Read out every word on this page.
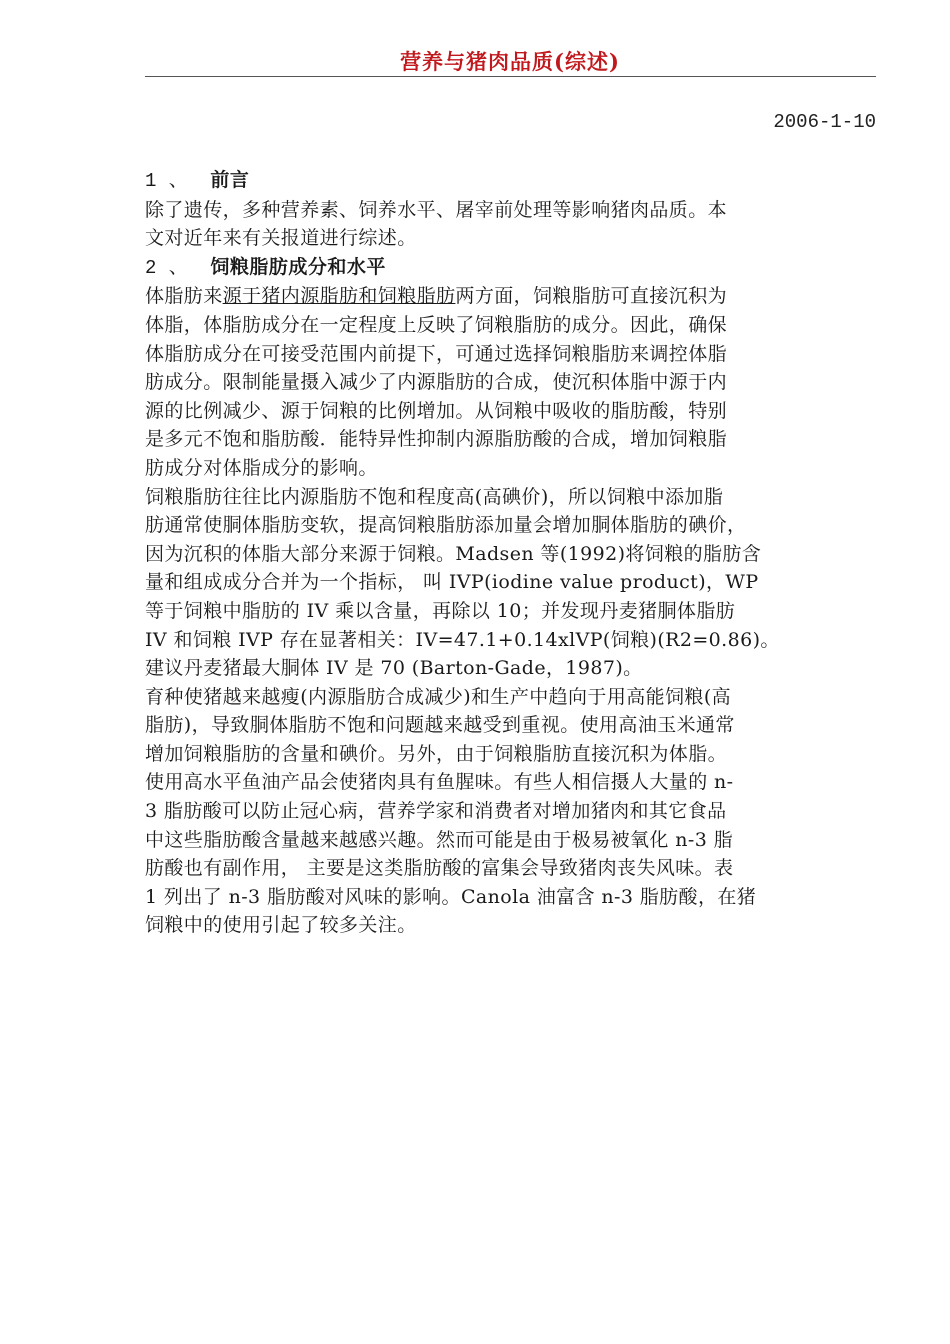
营养与猪肉品质(综述)
2006-1-10
1 、 前言
除了遗传，多种营养素、饲养水平、屠宰前处理等影响猪肉品质。本
文对近年来有关报道进行综述。
2 、 饲粮脂肪成分和水平
体脂肪来源于猪内源脂肪和饲粮脂肪两方面，饲粮脂肪可直接沉积为
体脂，体脂肪成分在一定程度上反映了饲粮脂肪的成分。因此，确保
体脂肪成分在可接受范围内前提下，可通过选择饲粮脂肪来调控体脂
肪成分。限制能量摄入减少了内源脂肪的合成，使沉积体脂中源于内
源的比例减少、源于饲粮的比例增加。从饲粮中吸收的脂肪酸，特别
是多元不饱和脂肪酸．能特异性抑制内源脂肪酸的合成，增加饲粮脂
肪成分对体脂成分的影响。
饲粮脂肪往往比内源脂肪不饱和程度高(高碘价)，所以饲粮中添加脂
肪通常使胴体脂肪变软，提高饲粮脂肪添加量会增加胴体脂肪的碘价，
因为沉积的体脂大部分来源于饲粮。Madsen 等(1992)将饲粮的脂肪含
量和组成成分合并为一个指标， 叫 IVP(iodine value product)，WP
等于饲粮中脂肪的 IV 乘以含量，再除以 10；并发现丹麦猪胴体脂肪
IV 和饲粮 IVP 存在显著相关：IV=47.1+0.14xlVP(饲粮)(R2=0.86)。
建议丹麦猪最大胴体 IV 是 70 (Barton-Gade，1987)。
育种使猪越来越瘦(内源脂肪合成减少)和生产中趋向于用高能饲粮(高
脂肪)，导致胴体脂肪不饱和问题越来越受到重视。使用高油玉米通常
增加饲粮脂肪的含量和碘价。另外，由于饲粮脂肪直接沉积为体脂。
使用高水平鱼油产品会使猪肉具有鱼腥味。有些人相信摄人大量的 n-
3 脂肪酸可以防止冠心病，营养学家和消费者对增加猪肉和其它食品
中这些脂肪酸含量越来越感兴趣。然而可能是由于极易被氧化 n-3 脂
肪酸也有副作用， 主要是这类脂肪酸的富集会导致猪肉丧失风味。表
1 列出了 n-3 脂肪酸对风味的影响。Canola 油富含 n-3 脂肪酸，在猪
饲粮中的使用引起了较多关注。
